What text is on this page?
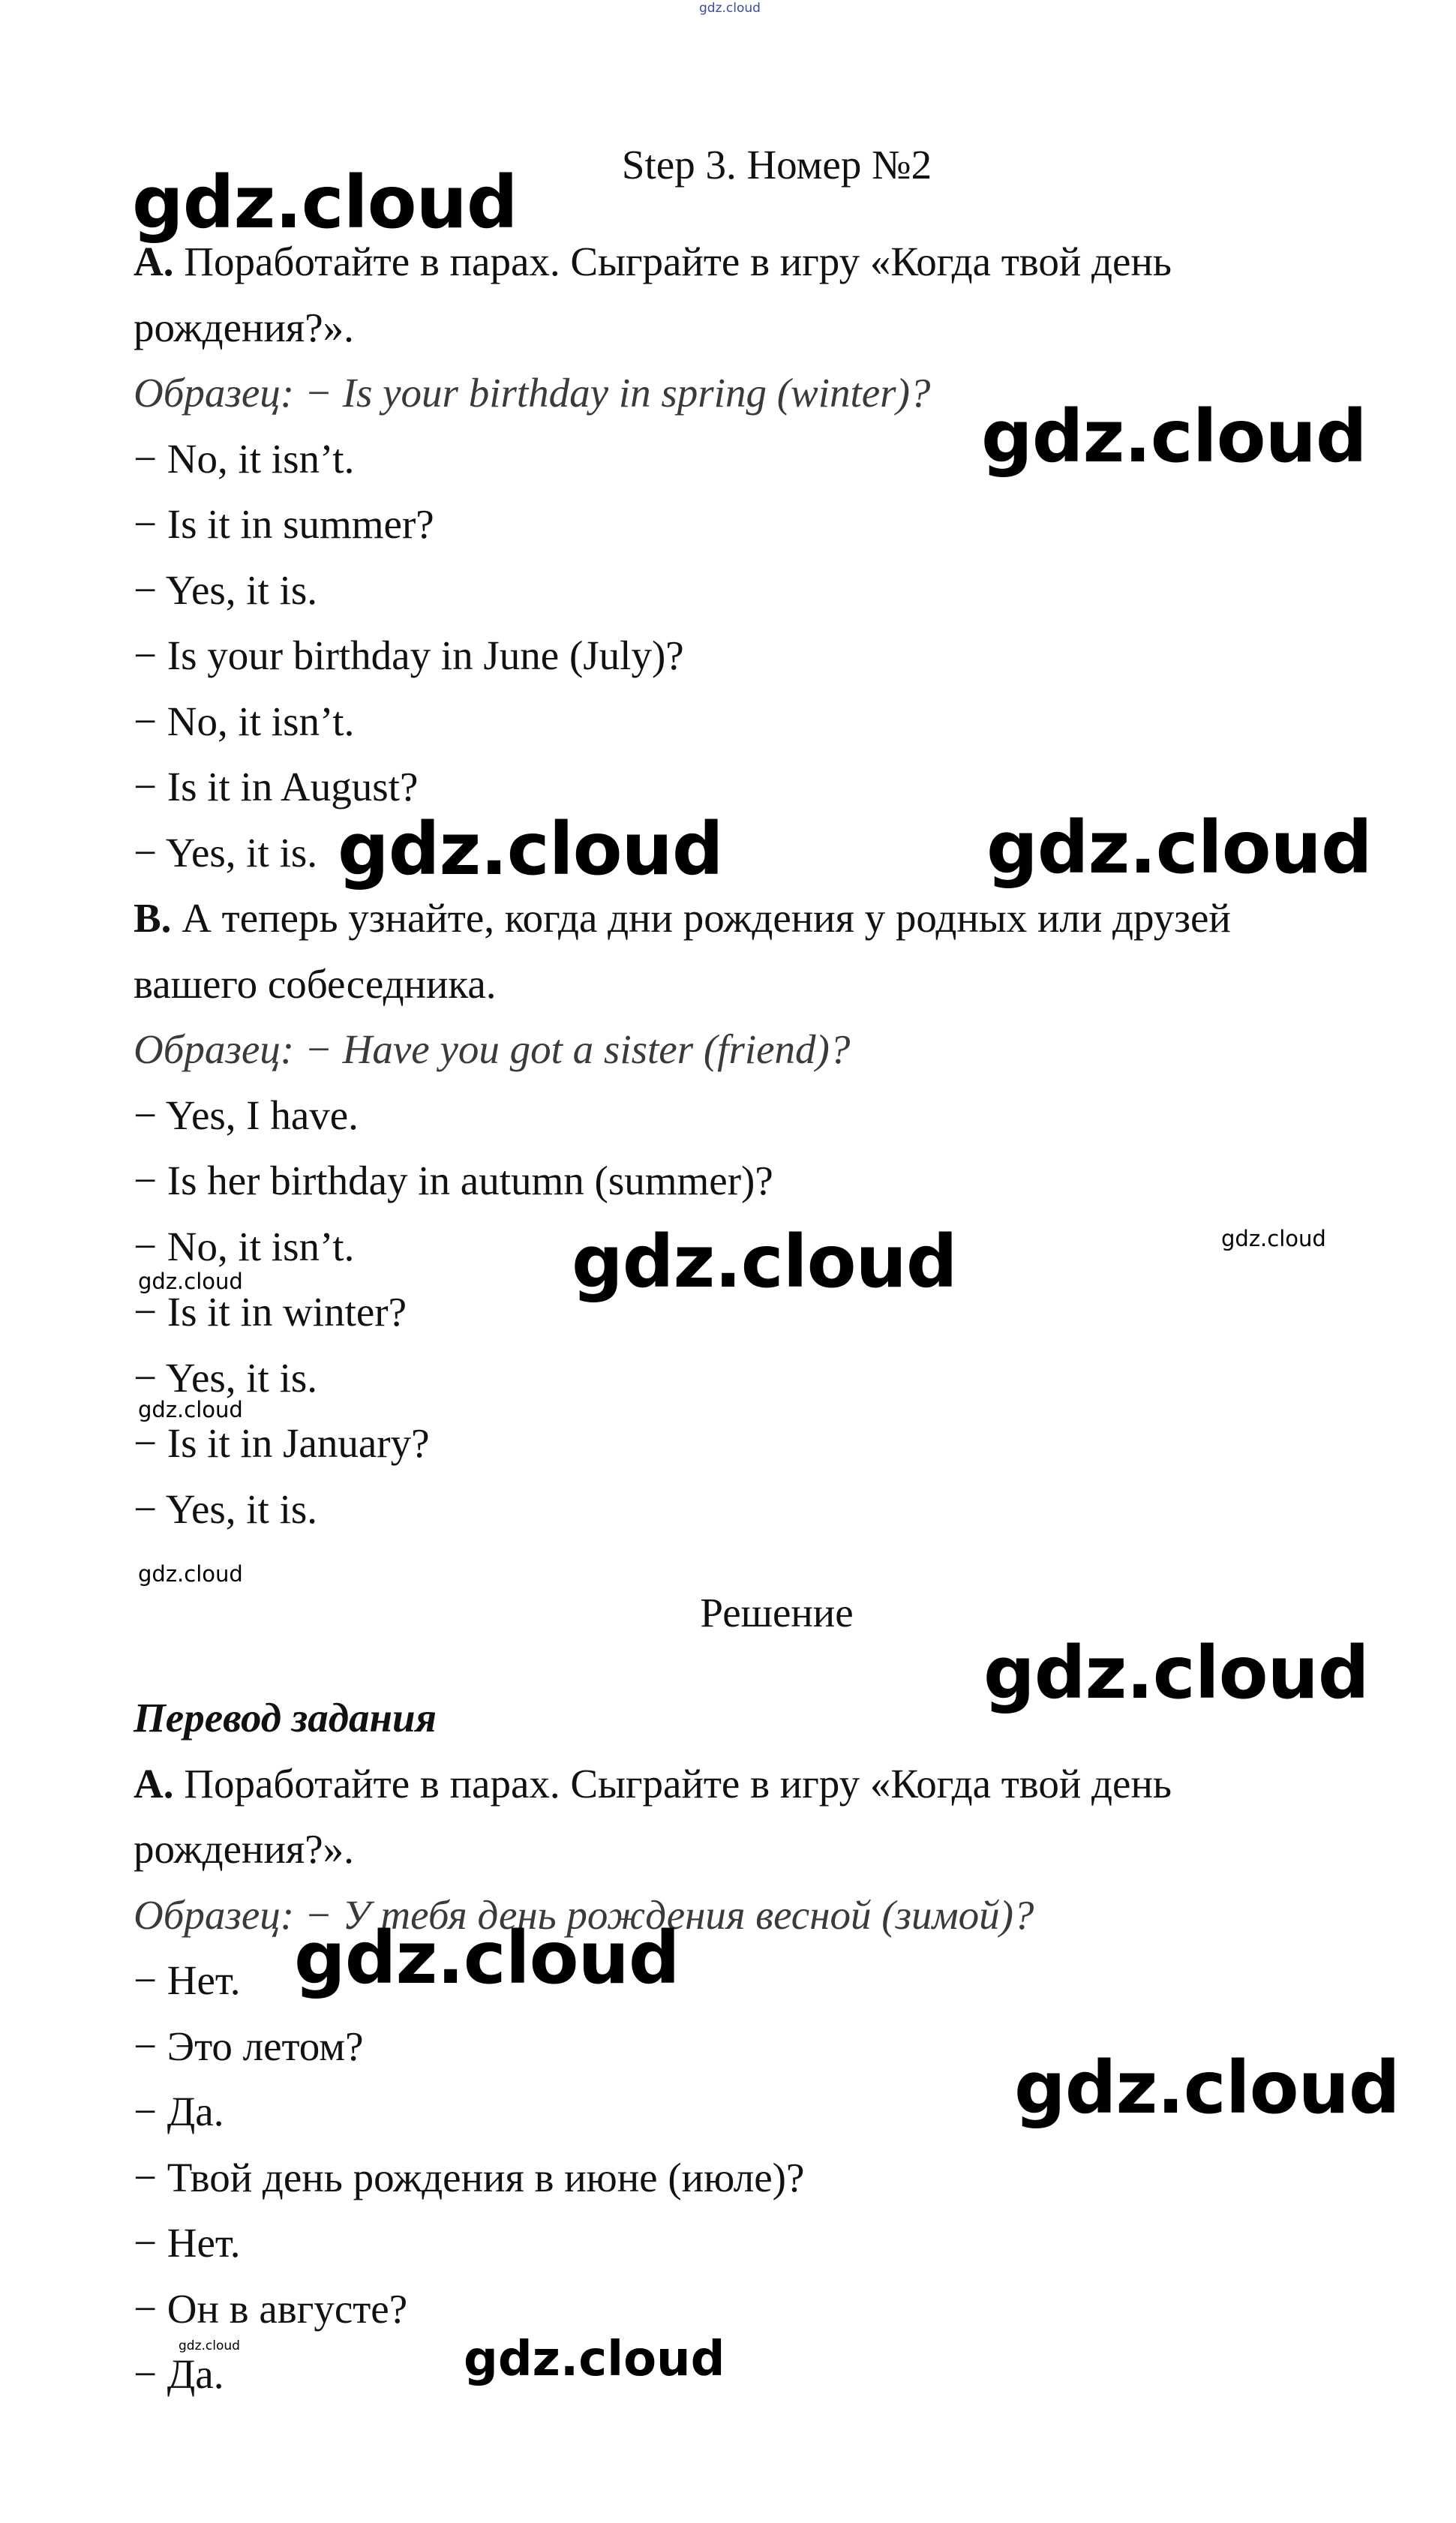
gdz.cloud
Step 3. Номер №2
A. Поработайте в парах. Сыграйте в игру «Когда твой день
рождения?».
Образец: − Is your birthday in spring (winter)?
− No, it isn’t.
− Is it in summer?
− Yes, it is.
− Is your birthday in June (July)?
− No, it isn’t.
− Is it in August?
− Yes, it is.
B. А теперь узнайте, когда дни рождения у родных или друзей
вашего собеседника.
Образец: − Have you got a sister (friend)?
− Yes, I have.
− Is her birthday in autumn (summer)?
− No, it isn’t.
− Is it in winter?
− Yes, it is.
− Is it in January?
− Yes, it is.
Решение
Перевод задания
A. Поработайте в парах. Сыграйте в игру «Когда твой день
рождения?».
Образец: − У тебя день рождения весной (зимой)?
− Нет.
− Это летом?
− Да.
− Твой день рождения в июне (июле)?
− Нет.
− Он в августе?
− Да.
gdz.cloud
gdz.cloud
gdz.cloud	gdz.cloud
gdz.cloud	gdz.cloud
gdz.cloud
gdz.cloud
gdz.cloud
gdz.cloud
gdz.cloud
gdz.cloud
gdz.cloud
gdz.cloud
